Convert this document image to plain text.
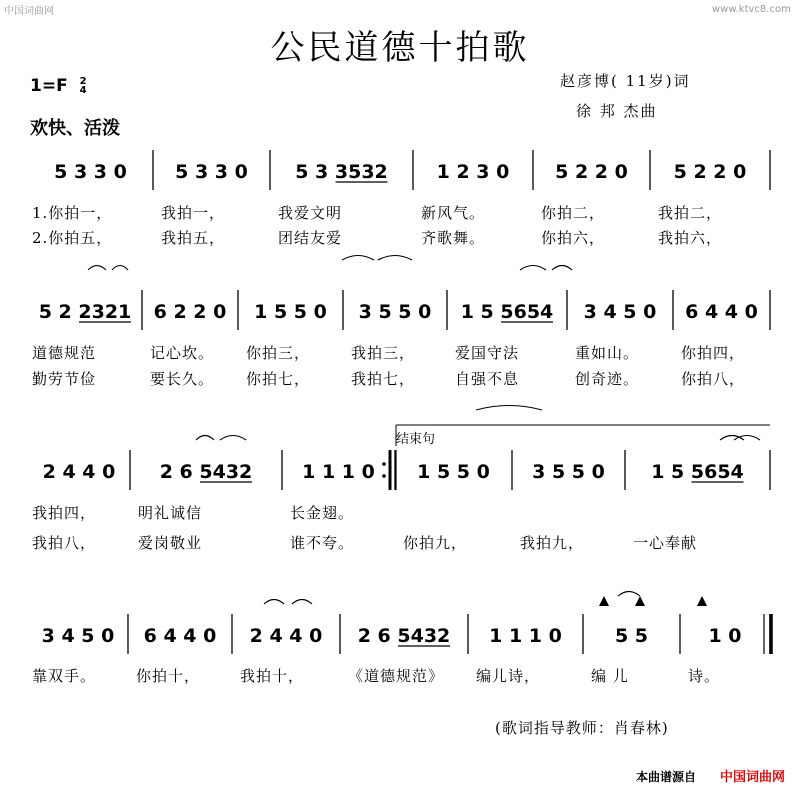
中国词曲网	www.ktvc8.com
公民道德十拍歌
1=F 2
4
欢快、活泼
赵彦博( 11岁)词
徐 邦 杰曲
结束句
5 3 3 0	5 3 3 0 5 3 3532	1 2 3 0 5 2 2 0 5 2 2 0
1.你拍一，	我拍一，	我爱文明	新风气。	你拍二，	我拍二，
2.你拍五，	我拍五，	团结友爱	齐歌舞。	你拍六，	我拍六，
5 2 2321 6 2 2 0 1 5 5 0 3 5 5 0 1 5 5654 3 4 5 0 6 4 4 0
道德规范	记心坎。 你拍三，	我拍三，	爱国守法	重如山。	你拍四，
勤劳节俭	要长久。 你拍七，	我拍七，	自强不息	创奇迹。	你拍八，
2 4 4 0 2 6 5432	1 1 1 0 1 5 5 0 3 5 5 0 1 5 5654
我拍四，	明礼诚信	长金翅。
我拍八，	爱岗敬业	谁不夸。	你拍九，	我拍九，	一心奉献
3 4 5 0 6 4 4 0 2 4 4 0 2 6 5432 1 1 1 0	5 5	1 0
靠双手。	你拍十，	我拍十，	《道德规范》 编儿诗，	编 儿	诗。
(歌词指导教师：肖春林)
本曲谱源自 中国词曲网
